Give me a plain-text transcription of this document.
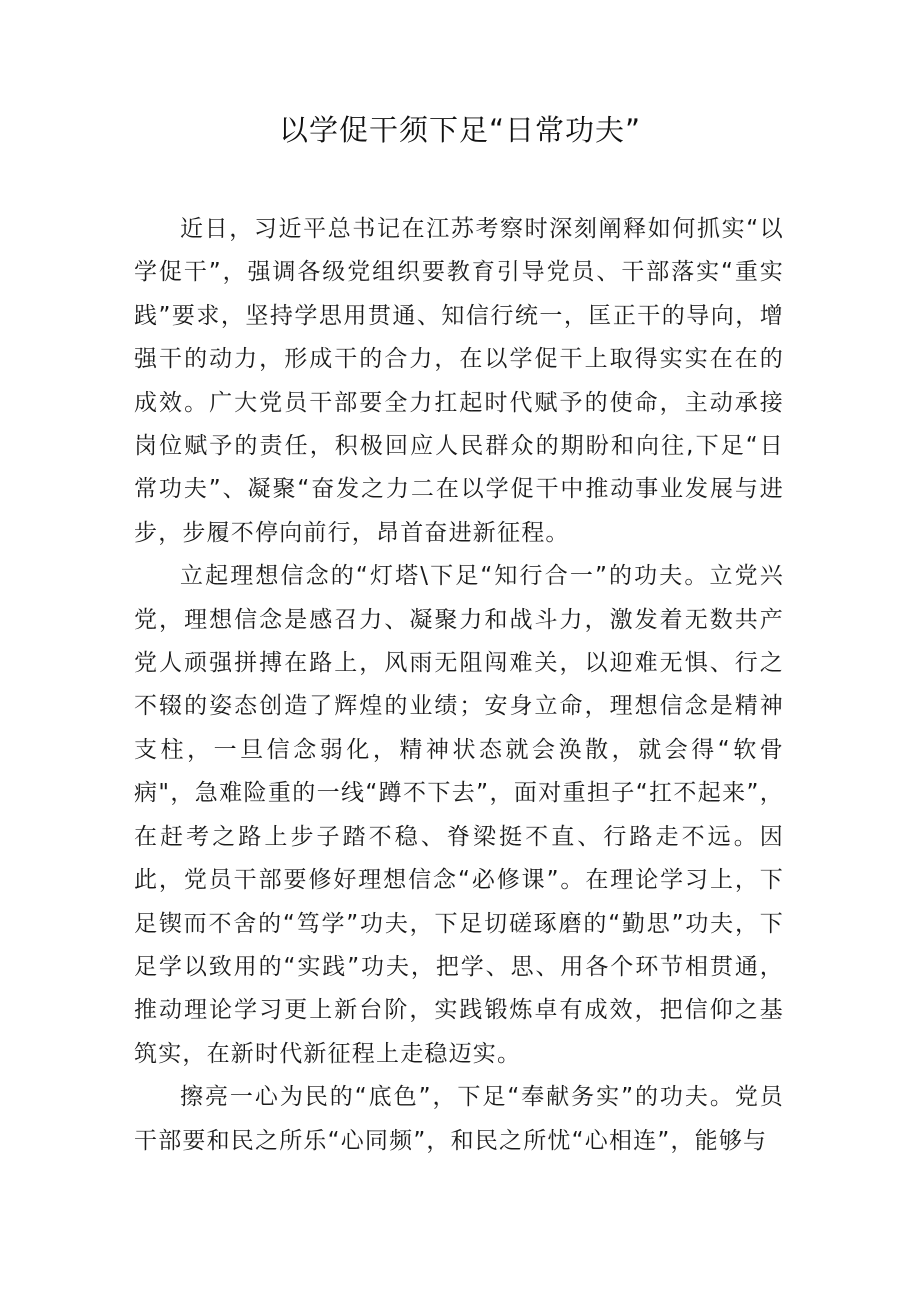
以学促干须下足“日常功夫”

近日，习近平总书记在江苏考察时深刻阐释如何抓实“以学促干”，强调各级党组织要教育引导党员、干部落实“重实践”要求，坚持学思用贯通、知信行统一，匡正干的导向，增强干的动力，形成干的合力，在以学促干上取得实实在在的成效。广大党员干部要全力扛起时代赋予的使命，主动承接岗位赋予的责任，积极回应人民群众的期盼和向往,下足“日常功夫”、凝聚“奋发之力二在以学促干中推动事业发展与进步，步履不停向前行，昂首奋进新征程。

立起理想信念的“灯塔\下足“知行合一”的功夫。立党兴党，理想信念是感召力、凝聚力和战斗力，激发着无数共产党人顽强拼搏在路上，风雨无阻闯难关，以迎难无惧、行之不辍的姿态创造了辉煌的业绩；安身立命，理想信念是精神支柱，一旦信念弱化，精神状态就会涣散，就会得“软骨病"，急难险重的一线“蹲不下去”，面对重担子“扛不起来”，在赶考之路上步子踏不稳、脊梁挺不直、行路走不远。因此，党员干部要修好理想信念“必修课”。在理论学习上，下足锲而不舍的“笃学”功夫，下足切磋琢磨的“勤思”功夫，下足学以致用的“实践”功夫，把学、思、用各个环节相贯通，推动理论学习更上新台阶，实践锻炼卓有成效，把信仰之基筑实，在新时代新征程上走稳迈实。

擦亮一心为民的“底色”，下足“奉献务实”的功夫。党员干部要和民之所乐“心同频”，和民之所忧“心相连”，能够与
